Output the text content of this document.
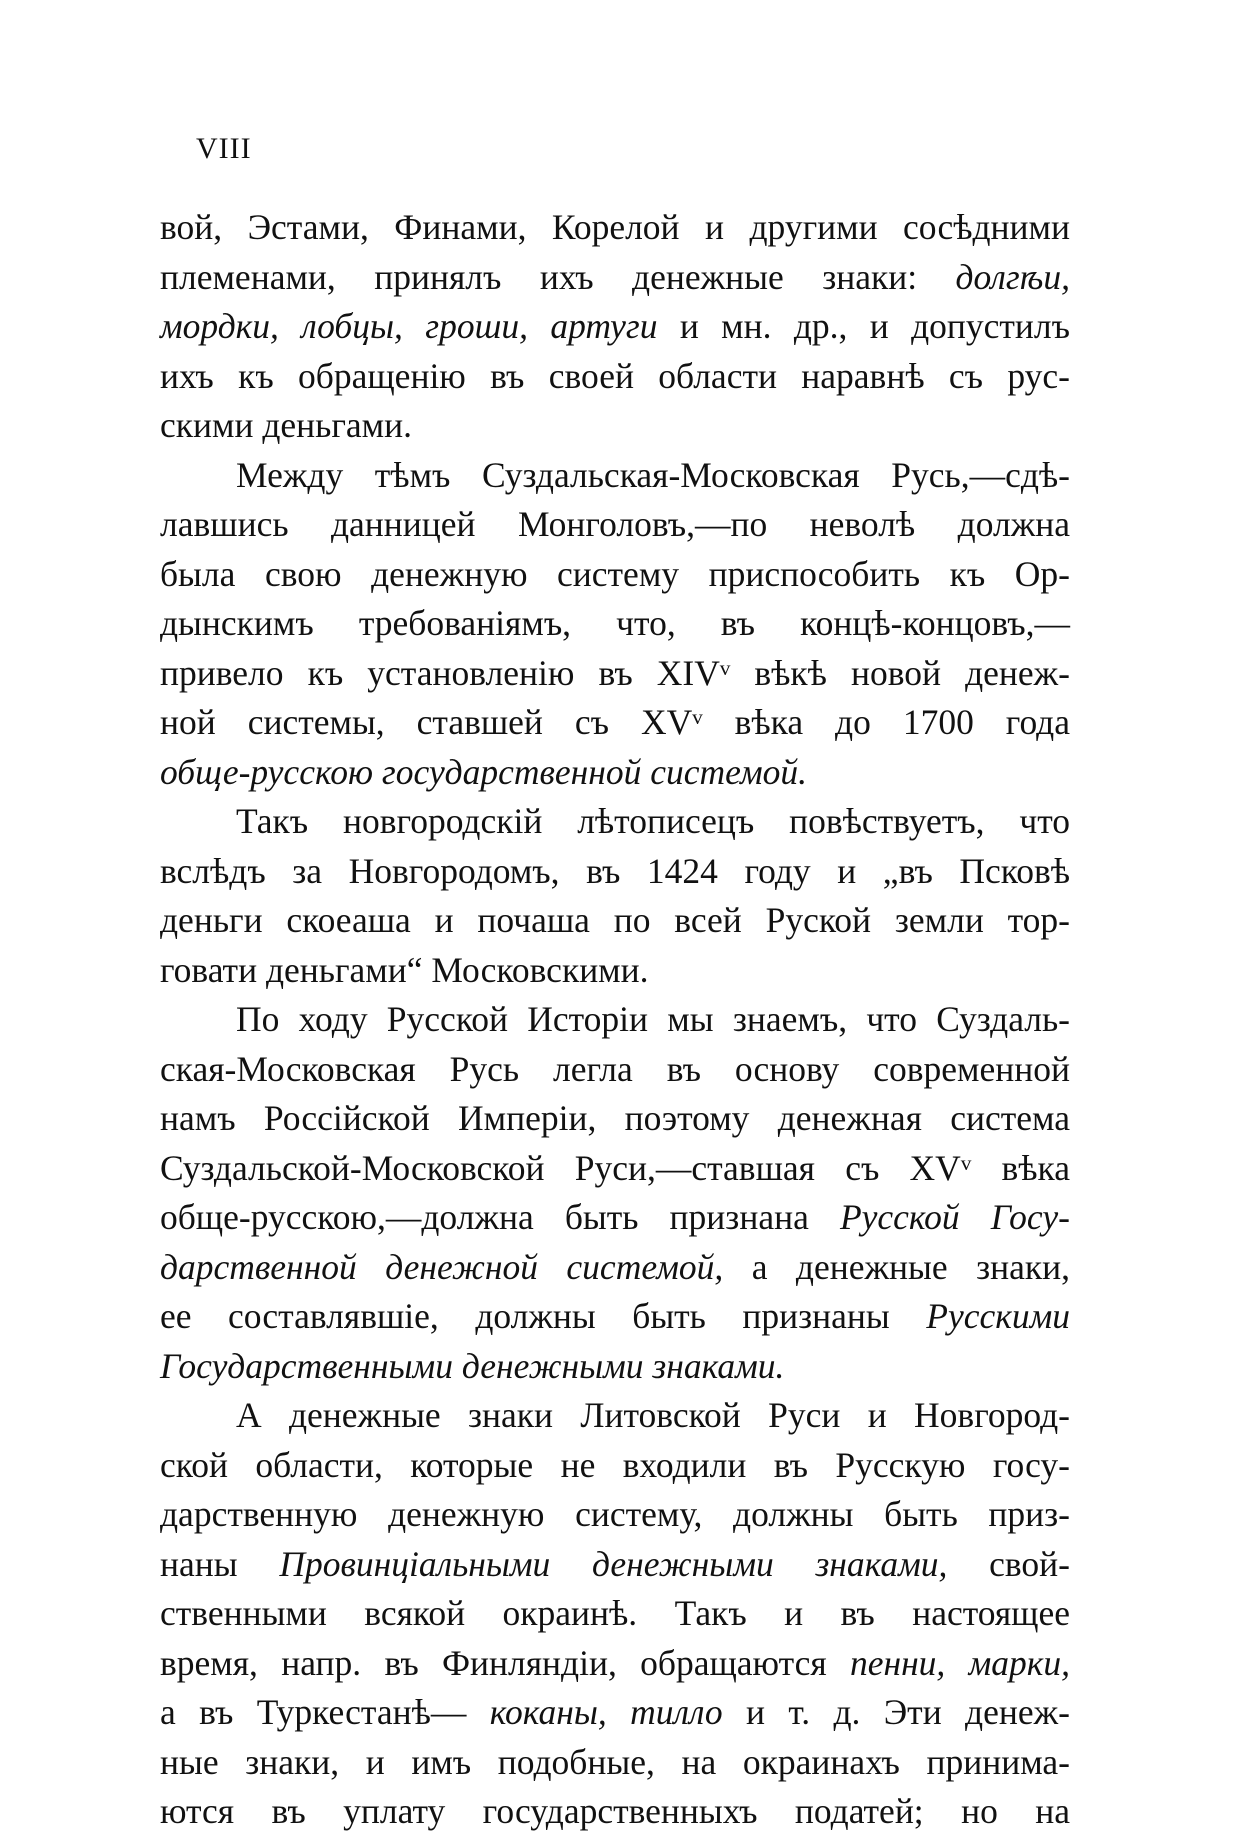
VIII
вой, Эстами, Финами, Корелой и другими сосѣдними
племенами, принялъ ихъ денежные знаки: долгѣи,
мордки, лобцы, гроши, артуги и мн. др., и допустилъ
ихъ къ обращенію въ своей области наравнѣ съ рус-
скими деньгами.
Между тѣмъ Суздальская-Московская Русь,—сдѣ-
лавшись данницей Монголовъ,—по неволѣ должна
была свою денежную систему приспособить къ Ор-
дынскимъ требованіямъ, что, въ концѣ-концовъ,—
привело къ установленію въ XIVᵛ вѣкѣ новой денеж-
ной системы, ставшей съ XVᵛ вѣка до 1700 года
обще-русскою государственной системой.
Такъ новгородскій лѣтописецъ повѣствуетъ, что
вслѣдъ за Новгородомъ, въ 1424 году и „въ Псковѣ
деньги скоеаша и почаша по всей Руской земли тор-
говати деньгами“ Московскими.
По ходу Русской Исторіи мы знаемъ, что Суздаль-
ская-Московская Русь легла въ основу современной
намъ Россійской Имперіи, поэтому денежная система
Суздальской-Московской Руси,—ставшая съ XVᵛ вѣка
обще-русскою,—должна быть признана Русской Госу-
дарственной денежной системой, а денежные знаки,
ее составлявшіе, должны быть признаны Русскими
Государственными денежными знаками.
А денежные знаки Литовской Руси и Новгород-
ской области, которые не входили въ Русскую госу-
дарственную денежную систему, должны быть приз-
наны Провинціальными денежными знаками, свой-
ственными всякой окраинѣ. Такъ и въ настоящее
время, напр. въ Финляндіи, обращаются пенни, марки,
а въ Туркестанѣ— коканы, тилло и т. д. Эти денеж-
ные знаки, и имъ подобные, на окраинахъ принима-
ются въ уплату государственныхъ податей; но на
